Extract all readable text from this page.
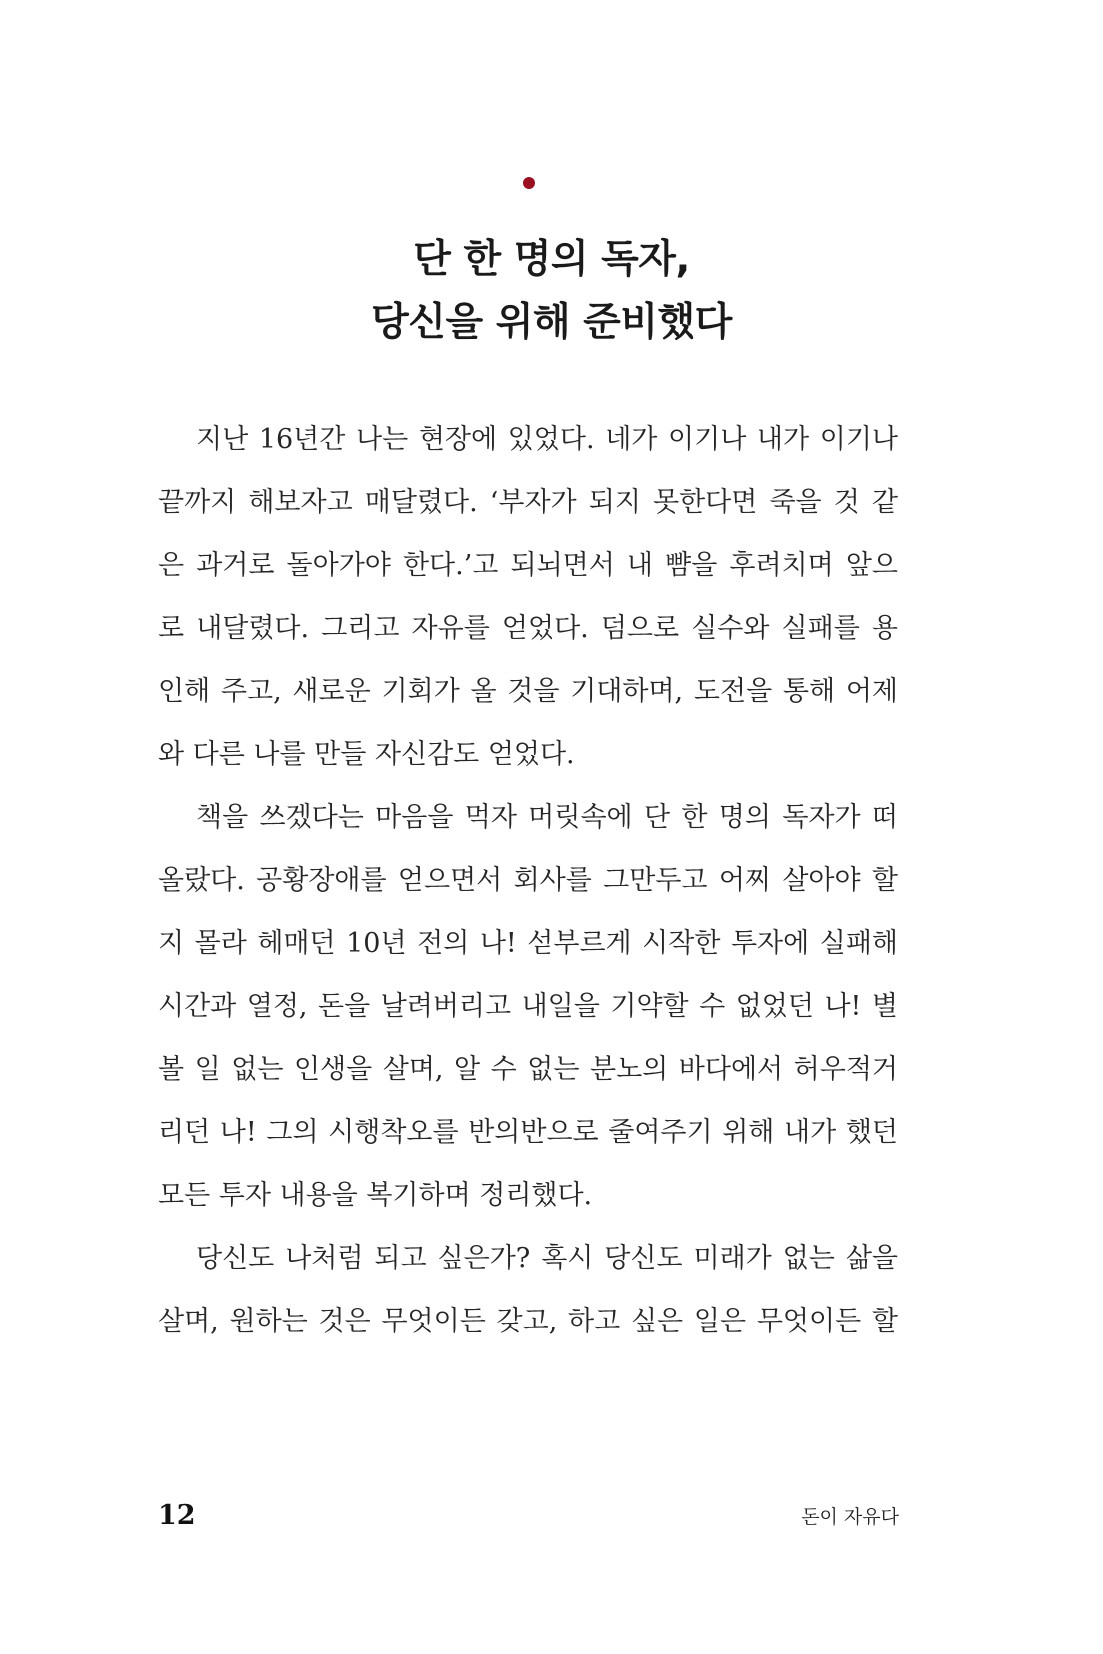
단 한 명의 독자,
당신을 위해 준비했다
지난 16년간 나는 현장에 있었다. 네가 이기나 내가 이기나
끝까지 해보자고 매달렸다. ‘부자가 되지 못한다면 죽을 것 같
은 과거로 돌아가야 한다.’고 되뇌면서 내 뺨을 후려치며 앞으
로 내달렸다. 그리고 자유를 얻었다. 덤으로 실수와 실패를 용
인해 주고, 새로운 기회가 올 것을 기대하며, 도전을 통해 어제
와 다른 나를 만들 자신감도 얻었다.
책을 쓰겠다는 마음을 먹자 머릿속에 단 한 명의 독자가 떠
올랐다. 공황장애를 얻으면서 회사를 그만두고 어찌 살아야 할
지 몰라 헤매던 10년 전의 나! 섣부르게 시작한 투자에 실패해
시간과 열정, 돈을 날려버리고 내일을 기약할 수 없었던 나! 별
볼 일 없는 인생을 살며, 알 수 없는 분노의 바다에서 허우적거
리던 나! 그의 시행착오를 반의반으로 줄여주기 위해 내가 했던
모든 투자 내용을 복기하며 정리했다.
당신도 나처럼 되고 싶은가? 혹시 당신도 미래가 없는 삶을
살며, 원하는 것은 무엇이든 갖고, 하고 싶은 일은 무엇이든 할
12	돈이 자유다
